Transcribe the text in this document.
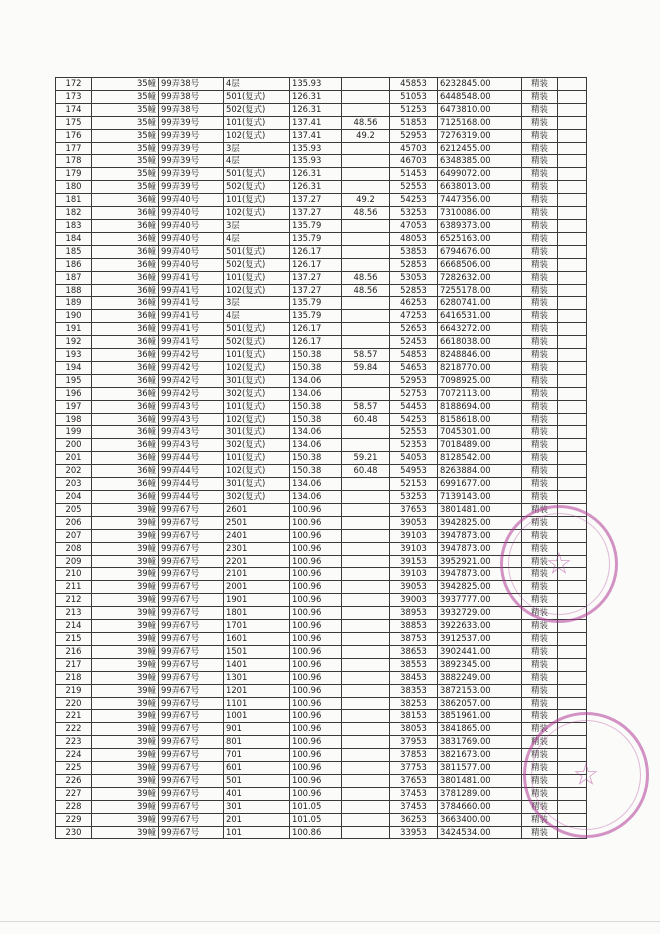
172	35幢	99弄38号	4层	135.93		45853	6232845.00	精装	
173	35幢	99弄38号	501(复式)	126.31		51053	6448548.00	精装	
174	35幢	99弄38号	502(复式)	126.31		51253	6473810.00	精装	
175	35幢	99弄39号	101(复式)	137.41	48.56	51853	7125168.00	精装	
176	35幢	99弄39号	102(复式)	137.41	49.2	52953	7276319.00	精装	
177	35幢	99弄39号	3层	135.93		45703	6212455.00	精装	
178	35幢	99弄39号	4层	135.93		46703	6348385.00	精装	
179	35幢	99弄39号	501(复式)	126.31		51453	6499072.00	精装	
180	35幢	99弄39号	502(复式)	126.31		52553	6638013.00	精装	
181	36幢	99弄40号	101(复式)	137.27	49.2	54253	7447356.00	精装	
182	36幢	99弄40号	102(复式)	137.27	48.56	53253	7310086.00	精装	
183	36幢	99弄40号	3层	135.79		47053	6389373.00	精装	
184	36幢	99弄40号	4层	135.79		48053	6525163.00	精装	
185	36幢	99弄40号	501(复式)	126.17		53853	6794676.00	精装	
186	36幢	99弄40号	502(复式)	126.17		52853	6668506.00	精装	
187	36幢	99弄41号	101(复式)	137.27	48.56	53053	7282632.00	精装	
188	36幢	99弄41号	102(复式)	137.27	48.56	52853	7255178.00	精装	
189	36幢	99弄41号	3层	135.79		46253	6280741.00	精装	
190	36幢	99弄41号	4层	135.79		47253	6416531.00	精装	
191	36幢	99弄41号	501(复式)	126.17		52653	6643272.00	精装	
192	36幢	99弄41号	502(复式)	126.17		52453	6618038.00	精装	
193	36幢	99弄42号	101(复式)	150.38	58.57	54853	8248846.00	精装	
194	36幢	99弄42号	102(复式)	150.38	59.84	54653	8218770.00	精装	
195	36幢	99弄42号	301(复式)	134.06		52953	7098925.00	精装	
196	36幢	99弄42号	302(复式)	134.06		52753	7072113.00	精装	
197	36幢	99弄43号	101(复式)	150.38	58.57	54453	8188694.00	精装	
198	36幢	99弄43号	102(复式)	150.38	60.48	54253	8158618.00	精装	
199	36幢	99弄43号	301(复式)	134.06		52553	7045301.00	精装	
200	36幢	99弄43号	302(复式)	134.06		52353	7018489.00	精装	
201	36幢	99弄44号	101(复式)	150.38	59.21	54053	8128542.00	精装	
202	36幢	99弄44号	102(复式)	150.38	60.48	54953	8263884.00	精装	
203	36幢	99弄44号	301(复式)	134.06		52153	6991677.00	精装	
204	36幢	99弄44号	302(复式)	134.06		53253	7139143.00	精装	
205	39幢	99弄67号	2601	100.96		37653	3801481.00	精装	
206	39幢	99弄67号	2501	100.96		39053	3942825.00	精装	
207	39幢	99弄67号	2401	100.96		39103	3947873.00	精装	
208	39幢	99弄67号	2301	100.96		39103	3947873.00	精装	
209	39幢	99弄67号	2201	100.96		39153	3952921.00	精装	
210	39幢	99弄67号	2101	100.96		39103	3947873.00	精装	
211	39幢	99弄67号	2001	100.96		39053	3942825.00	精装	
212	39幢	99弄67号	1901	100.96		39003	3937777.00	精装	
213	39幢	99弄67号	1801	100.96		38953	3932729.00	精装	
214	39幢	99弄67号	1701	100.96		38853	3922633.00	精装	
215	39幢	99弄67号	1601	100.96		38753	3912537.00	精装	
216	39幢	99弄67号	1501	100.96		38653	3902441.00	精装	
217	39幢	99弄67号	1401	100.96		38553	3892345.00	精装	
218	39幢	99弄67号	1301	100.96		38453	3882249.00	精装	
219	39幢	99弄67号	1201	100.96		38353	3872153.00	精装	
220	39幢	99弄67号	1101	100.96		38253	3862057.00	精装	
221	39幢	99弄67号	1001	100.96		38153	3851961.00	精装	
222	39幢	99弄67号	901	100.96		38053	3841865.00	精装	
223	39幢	99弄67号	801	100.96		37953	3831769.00	精装	
224	39幢	99弄67号	701	100.96		37853	3821673.00	精装	
225	39幢	99弄67号	601	100.96		37753	3811577.00	精装	
226	39幢	99弄67号	501	100.96		37653	3801481.00	精装	
227	39幢	99弄67号	401	100.96		37453	3781289.00	精装	
228	39幢	99弄67号	301	101.05		37453	3784660.00	精装	
229	39幢	99弄67号	201	101.05		36253	3663400.00	精装	
230	39幢	99弄67号	101	100.86		33953	3424534.00	精装	
☆
☆
